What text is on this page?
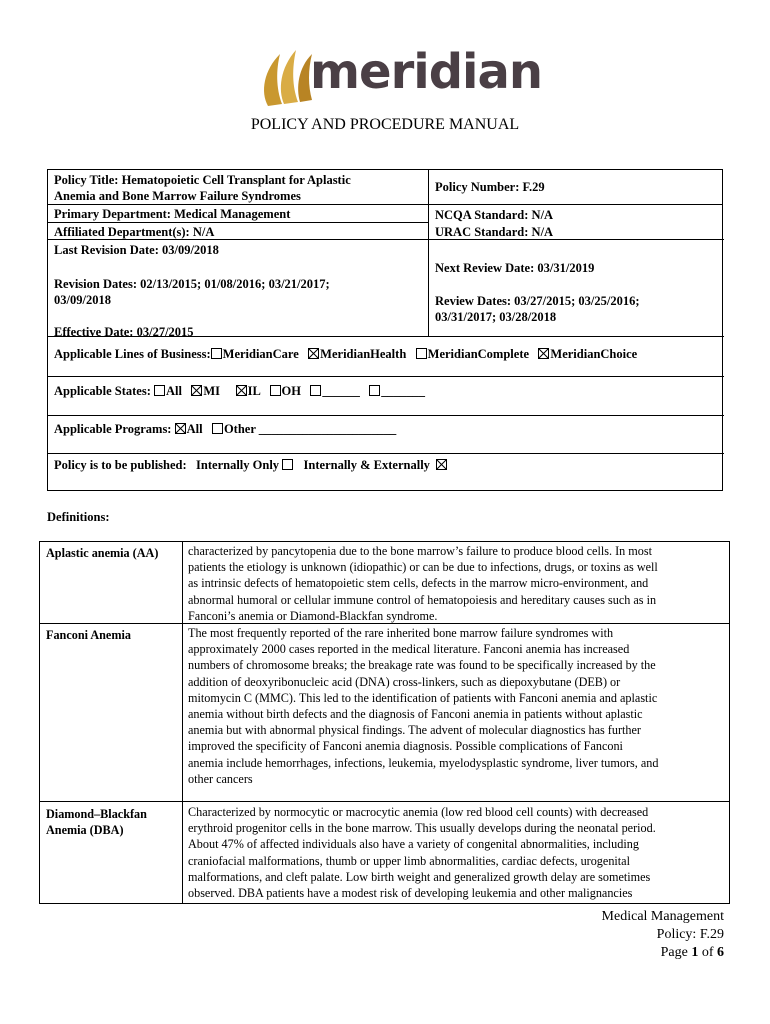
meridian
POLICY AND PROCEDURE MANUAL
Policy Title: Hematopoietic Cell Transplant for Aplastic
Anemia and Bone Marrow Failure Syndromes
Primary Department: Medical Management
Affiliated Department(s): N/A
Last Revision Date: 03/09/2018
Revision Dates: 02/13/2015; 01/08/2016; 03/21/2017;
03/09/2018
Effective Date: 03/27/2015
Policy Number: F.29
NCQA Standard: N/A
URAC Standard: N/A
Next Review Date: 03/31/2019
Review Dates: 03/27/2015; 03/25/2016;
03/31/2017; 03/28/2018
Applicable Lines of Business: MeridianCare MeridianHealth MeridianComplete MeridianChoice
Applicable States: All MI IL OH ______ _______
Applicable Programs: All Other ______________________
Policy is to be published: Internally Only Internally & Externally
Definitions:
Aplastic anemia (AA) characterized by pancytopenia due to the bone marrow’s failure to produce blood cells. In most
patients the etiology is unknown (idiopathic) or can be due to infections, drugs, or toxins as well
as intrinsic defects of hematopoietic stem cells, defects in the marrow micro-environment, and
abnormal humoral or cellular immune control of hematopoiesis and hereditary causes such as in
Fanconi’s anemia or Diamond-Blackfan syndrome.
Fanconi Anemia	The most frequently reported of the rare inherited bone marrow failure syndromes with
approximately 2000 cases reported in the medical literature. Fanconi anemia has increased
numbers of chromosome breaks; the breakage rate was found to be specifically increased by the
addition of deoxyribonucleic acid (DNA) cross-linkers, such as diepoxybutane (DEB) or
mitomycin C (MMC). This led to the identification of patients with Fanconi anemia and aplastic
anemia without birth defects and the diagnosis of Fanconi anemia in patients without aplastic
anemia but with abnormal physical findings. The advent of molecular diagnostics has further
improved the specificity of Fanconi anemia diagnosis. Possible complications of Fanconi
anemia include hemorrhages, infections, leukemia, myelodysplastic syndrome, liver tumors, and
other cancers
Diamond–Blackfan
Anemia (DBA)
Characterized by normocytic or macrocytic anemia (low red blood cell counts) with decreased
erythroid progenitor cells in the bone marrow. This usually develops during the neonatal period.
About 47% of affected individuals also have a variety of congenital abnormalities, including
craniofacial malformations, thumb or upper limb abnormalities, cardiac defects, urogenital
malformations, and cleft palate. Low birth weight and generalized growth delay are sometimes
observed. DBA patients have a modest risk of developing leukemia and other malignancies
Medical Management
Policy: F.29
Page 1 of 6
